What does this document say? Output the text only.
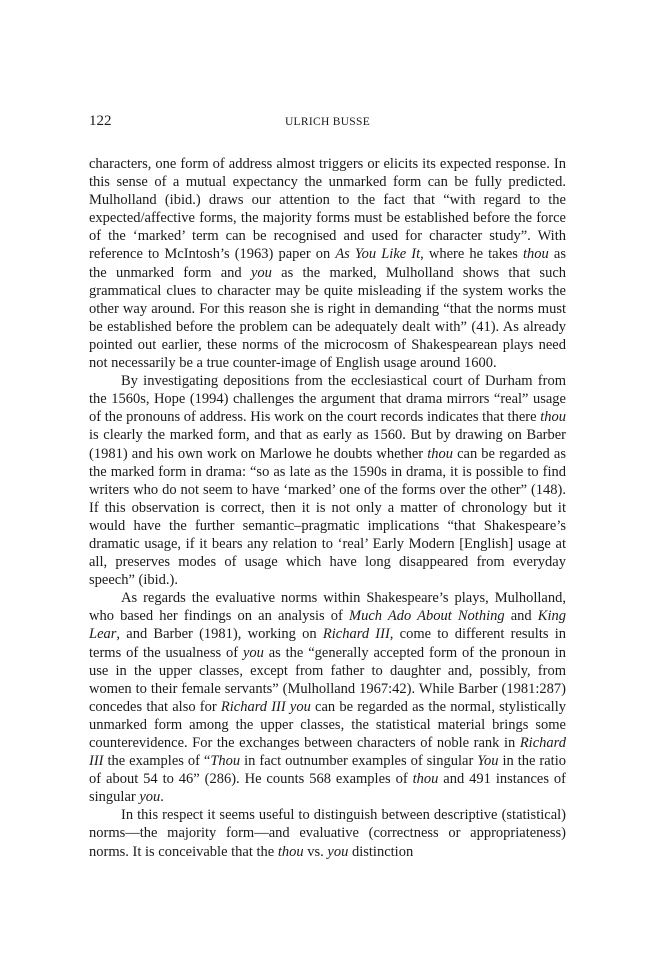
122	ULRICH BUSSE

characters, one form of address almost triggers or elicits its expected response. In this sense of a mutual expectancy the unmarked form can be fully predicted. Mulholland (ibid.) draws our attention to the fact that “with regard to the expected/affective forms, the majority forms must be established before the force of the ‘marked’ term can be recognised and used for character study”. With reference to McIntosh’s (1963) paper on As You Like It, where he takes thou as the unmarked form and you as the marked, Mulholland shows that such grammatical clues to character may be quite misleading if the system works the other way around. For this reason she is right in demanding “that the norms must be established before the problem can be adequately dealt with” (41). As already pointed out earlier, these norms of the microcosm of Shakespearean plays need not necessarily be a true counter-image of English usage around 1600.

By investigating depositions from the ecclesiastical court of Durham from the 1560s, Hope (1994) challenges the argument that drama mirrors “real” usage of the pronouns of address. His work on the court records indicates that there thou is clearly the marked form, and that as early as 1560. But by drawing on Barber (1981) and his own work on Marlowe he doubts whether thou can be regarded as the marked form in drama: “so as late as the 1590s in drama, it is possible to find writers who do not seem to have ‘marked’ one of the forms over the other” (148). If this observation is correct, then it is not only a matter of chronology but it would have the further semantic–pragmatic implications “that Shakespeare’s dramatic usage, if it bears any relation to ‘real’ Early Modern [English] usage at all, preserves modes of usage which have long disappeared from everyday speech” (ibid.).

As regards the evaluative norms within Shakespeare’s plays, Mulholland, who based her findings on an analysis of Much Ado About Nothing and King Lear, and Barber (1981), working on Richard III, come to different results in terms of the usualness of you as the “generally accepted form of the pronoun in use in the upper classes, except from father to daughter and, possibly, from women to their female servants” (Mulholland 1967:42). While Barber (1981:287) concedes that also for Richard III you can be regarded as the normal, stylistically unmarked form among the upper classes, the statistical material brings some counterevidence. For the exchanges between characters of noble rank in Richard III the examples of “Thou in fact outnumber examples of singular You in the ratio of about 54 to 46” (286). He counts 568 examples of thou and 491 instances of singular you.

In this respect it seems useful to distinguish between descriptive (statistical) norms—the majority form—and evaluative (correctness or appropriateness) norms. It is conceivable that the thou vs. you distinction
